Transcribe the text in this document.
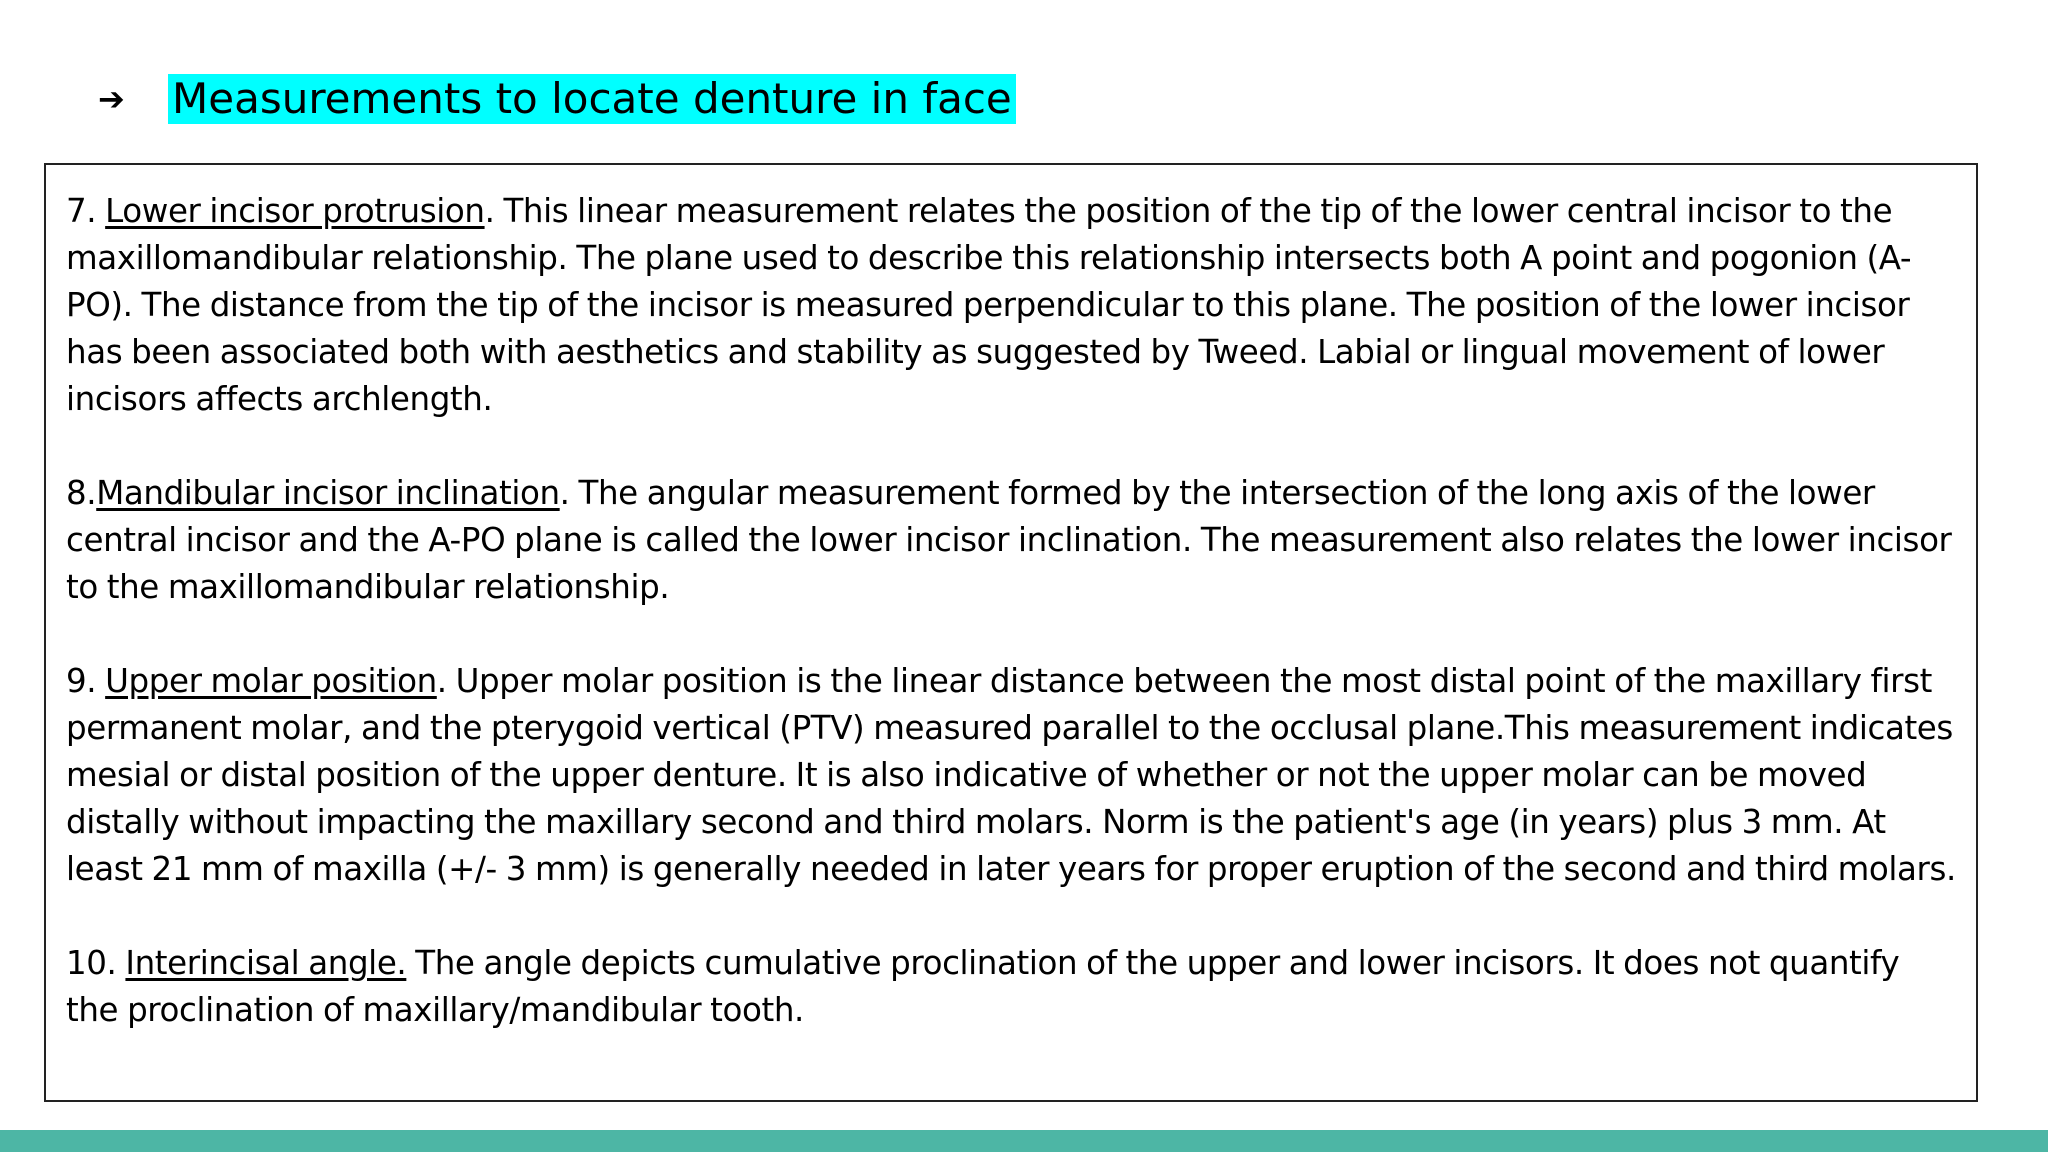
➔	Measurements to locate denture in face

7. Lower incisor protrusion. This linear measurement relates the position of the tip of the lower central incisor to the maxillomandibular relationship. The plane used to describe this relationship intersects both A point and pogonion (A-PO). The distance from the tip of the incisor is measured perpendicular to this plane. The position of the lower incisor has been associated both with aesthetics and stability as suggested by Tweed. Labial or lingual movement of lower incisors affects archlength.

8.Mandibular incisor inclination. The angular measurement formed by the intersection of the long axis of the lower central incisor and the A-PO plane is called the lower incisor inclination. The measurement also relates the lower incisor to the maxillomandibular relationship.

9. Upper molar position. Upper molar position is the linear distance between the most distal point of the maxillary first permanent molar, and the pterygoid vertical (PTV) measured parallel to the occlusal plane.This measurement indicates mesial or distal position of the upper denture. It is also indicative of whether or not the upper molar can be moved distally without impacting the maxillary second and third molars. Norm is the patient's age (in years) plus 3 mm. At least 21 mm of maxilla (+/- 3 mm) is generally needed in later years for proper eruption of the second and third molars.

10. Interincisal angle. The angle depicts cumulative proclination of the upper and lower incisors. It does not quantify the proclination of maxillary/mandibular tooth.
